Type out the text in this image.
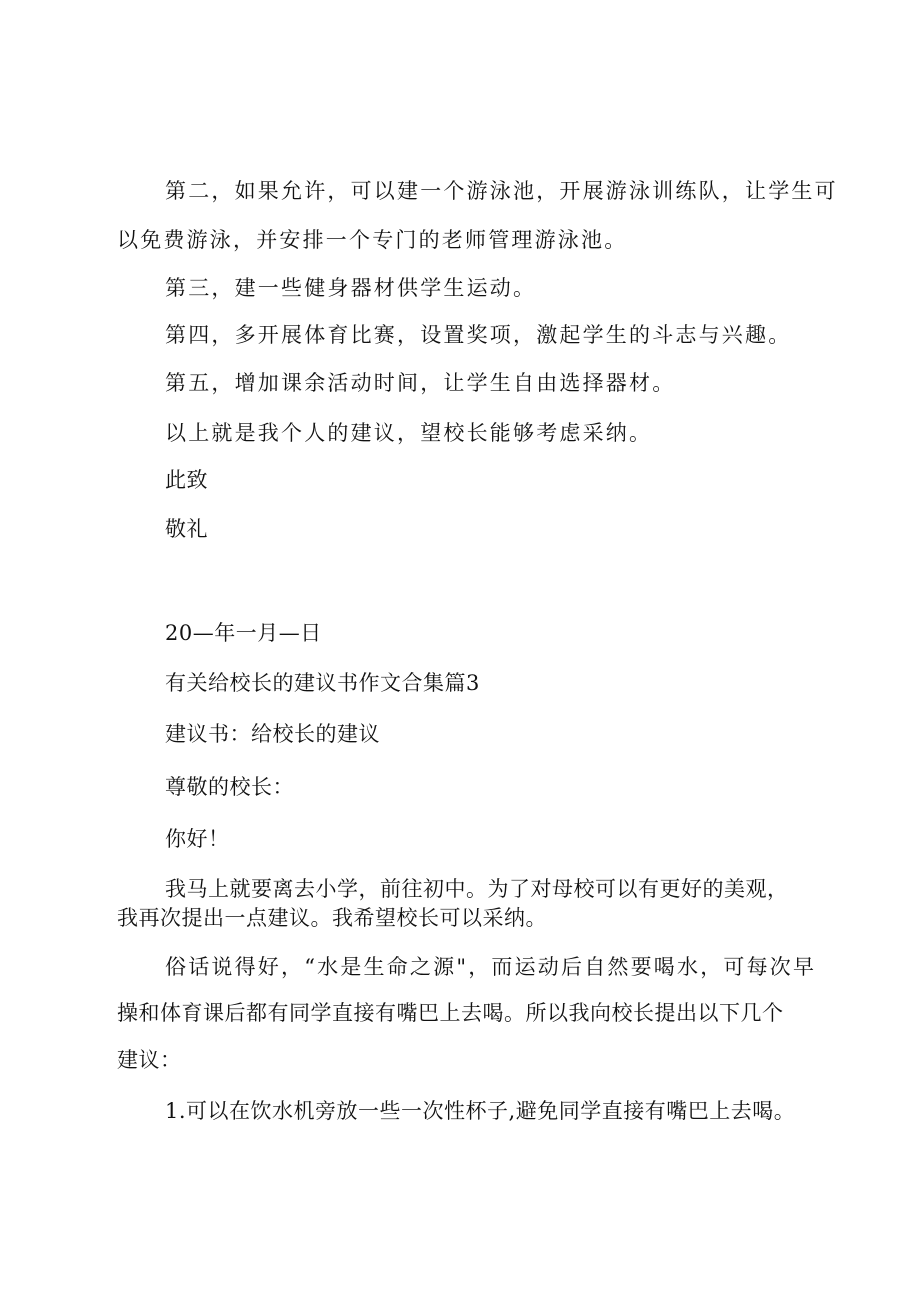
第二，如果允许，可以建一个游泳池，开展游泳训练队，让学生可
以免费游泳，并安排一个专门的老师管理游泳池。
第三，建一些健身器材供学生运动。
第四，多开展体育比赛，设置奖项，激起学生的斗志与兴趣。
第五，增加课余活动时间，让学生自由选择器材。
以上就是我个人的建议，望校长能够考虑采纳。
此致
敬礼
20—年一月—日
有关给校长的建议书作文合集篇3
建议书：给校长的建议
尊敬的校长：
你好！
我马上就要离去小学，前往初中。为了对母校可以有更好的美观，
我再次提出一点建议。我希望校长可以采纳。
俗话说得好，“水是生命之源"，而运动后自然要喝水，可每次早
操和体育课后都有同学直接有嘴巴上去喝。所以我向校长提出以下几个
建议：
1.可以在饮水机旁放一些一次性杯子,避免同学直接有嘴巴上去喝。
